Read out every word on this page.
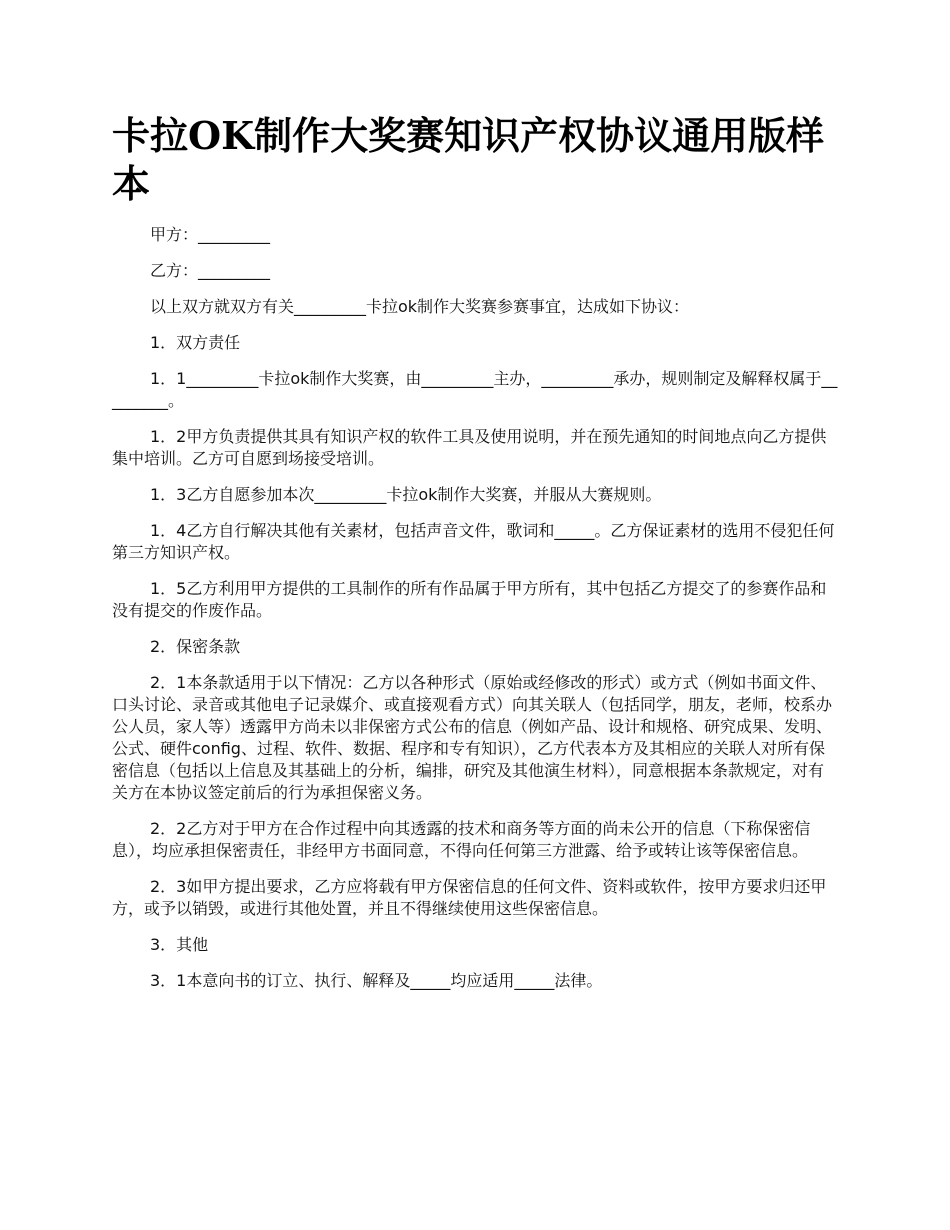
卡拉OK制作大奖赛知识产权协议通用版样本

甲方：_________

乙方：_________

以上双方就双方有关_________卡拉ok制作大奖赛参赛事宜，达成如下协议：

1．双方责任

1．1_________卡拉ok制作大奖赛，由_________主办，_________承办，规则制定及解释权属于_________。

1．2甲方负责提供其具有知识产权的软件工具及使用说明，并在预先通知的时间地点向乙方提供集中培训。乙方可自愿到场接受培训。

1．3乙方自愿参加本次_________卡拉ok制作大奖赛，并服从大赛规则。

1．4乙方自行解决其他有关素材，包括声音文件，歌词和_____。乙方保证素材的选用不侵犯任何第三方知识产权。

1．5乙方利用甲方提供的工具制作的所有作品属于甲方所有，其中包括乙方提交了的参赛作品和没有提交的作废作品。

2．保密条款

2．1本条款适用于以下情况：乙方以各种形式（原始或经修改的形式）或方式（例如书面文件、口头讨论、录音或其他电子记录媒介、或直接观看方式）向其关联人（包括同学，朋友，老师，校系办公人员，家人等）透露甲方尚未以非保密方式公布的信息（例如产品、设计和规格、研究成果、发明、公式、硬件config、过程、软件、数据、程序和专有知识），乙方代表本方及其相应的关联人对所有保密信息（包括以上信息及其基础上的分析，编排，研究及其他演生材料），同意根据本条款规定，对有关方在本协议签定前后的行为承担保密义务。

2．2乙方对于甲方在合作过程中向其透露的技术和商务等方面的尚未公开的信息（下称保密信息），均应承担保密责任，非经甲方书面同意，不得向任何第三方泄露、给予或转让该等保密信息。

2．3如甲方提出要求，乙方应将载有甲方保密信息的任何文件、资料或软件，按甲方要求归还甲方，或予以销毁，或进行其他处置，并且不得继续使用这些保密信息。

3．其他

3．1本意向书的订立、执行、解释及_____均应适用_____法律。
